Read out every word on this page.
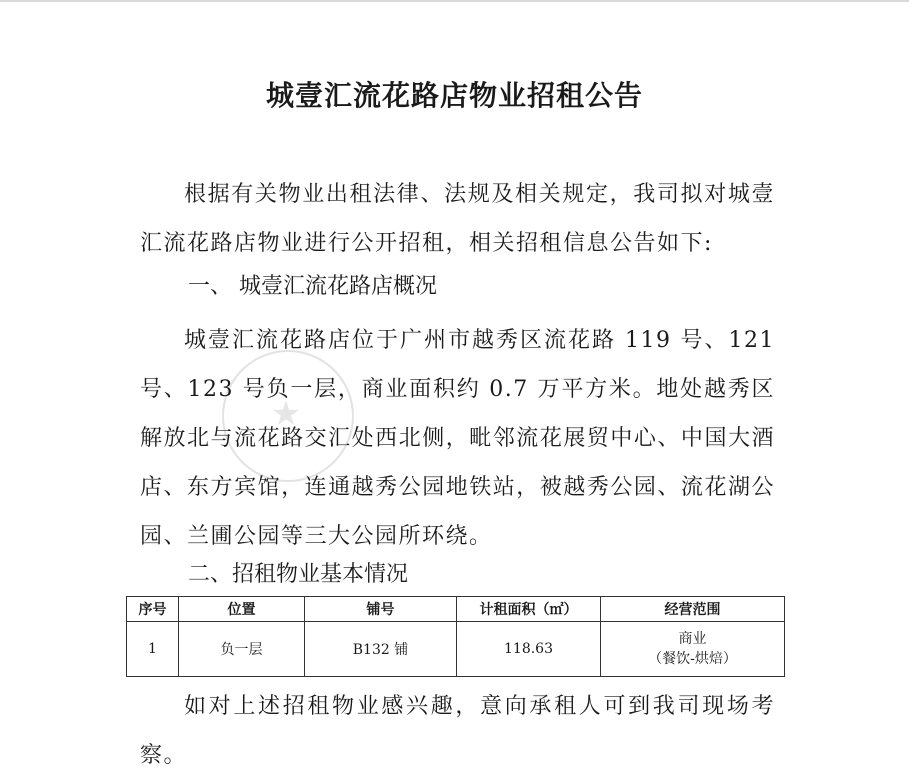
★
城壹汇流花路店物业招租公告

根据有关物业出租法律、法规及相关规定，我司拟对城壹汇流花路店物业进行公开招租，相关招租信息公告如下:

一、 城壹汇流花路店概况

城壹汇流花路店位于广州市越秀区流花路 119 号、121 号、123 号负一层，商业面积约 0.7 万平方米。地处越秀区解放北与流花路交汇处西北侧，毗邻流花展贸中心、中国大酒店、东方宾馆，连通越秀公园地铁站，被越秀公园、流花湖公园、兰圃公园等三大公园所环绕。

二、招租物业基本情况

序号	位置	铺号	计租面积（㎡）	经营范围
1	负一层	B132 铺	118.63	商业
（餐饮-烘焙）

如对上述招租物业感兴趣，意向承租人可到我司现场考察。
